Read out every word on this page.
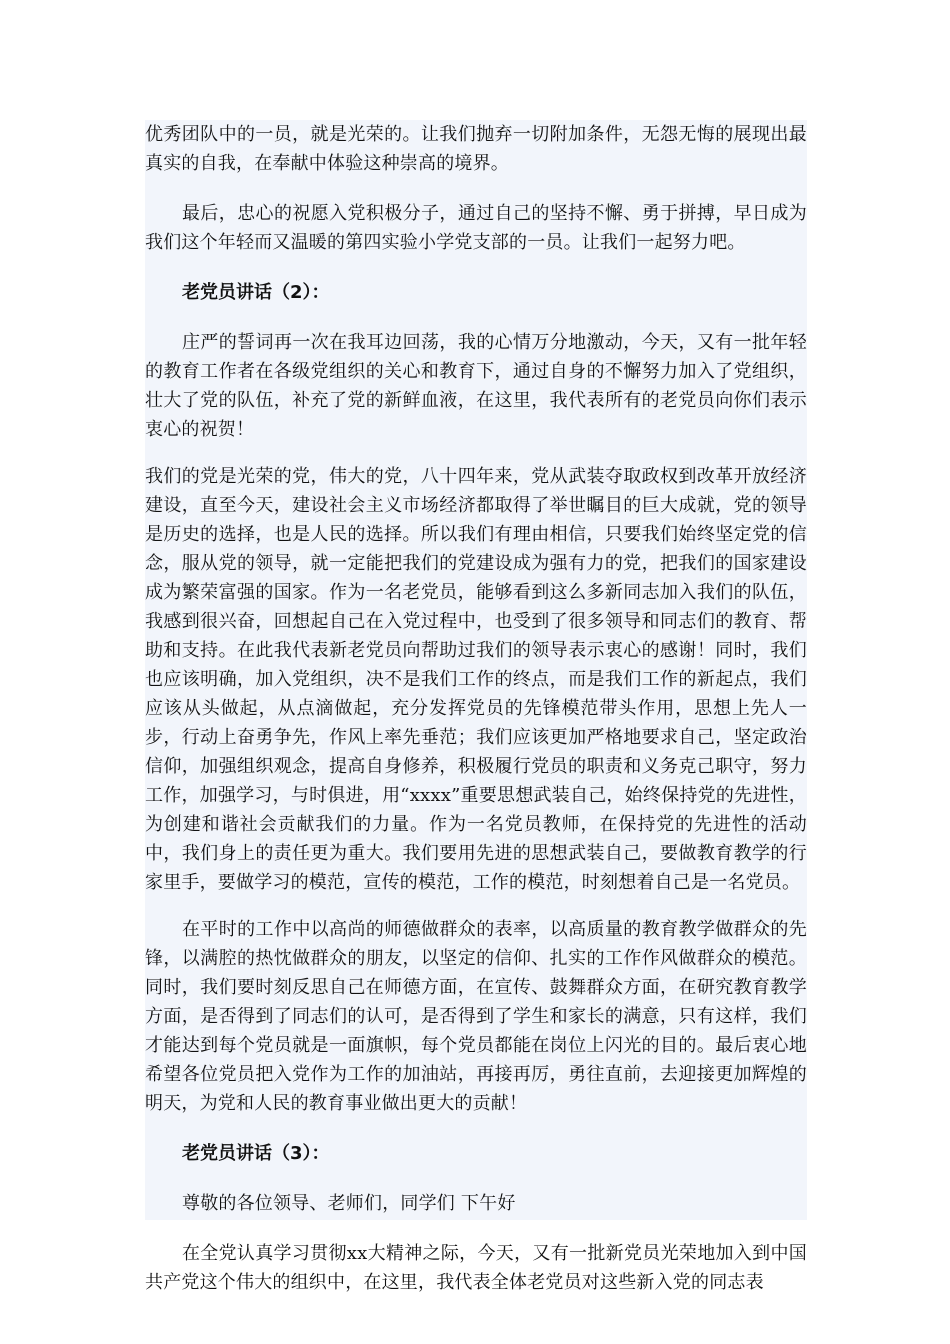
优秀团队中的一员，就是光荣的。让我们抛弃一切附加条件，无怨无悔的展现出最真实的自我，在奉献中体验这种崇高的境界。

最后，忠心的祝愿入党积极分子，通过自己的坚持不懈、勇于拼搏，早日成为我们这个年轻而又温暖的第四实验小学党支部的一员。让我们一起努力吧。

老党员讲话（2）：

庄严的誓词再一次在我耳边回荡，我的心情万分地激动，今天，又有一批年轻的教育工作者在各级党组织的关心和教育下，通过自身的不懈努力加入了党组织，壮大了党的队伍，补充了党的新鲜血液，在这里，我代表所有的老党员向你们表示衷心的祝贺！

我们的党是光荣的党，伟大的党，八十四年来，党从武装夺取政权到改革开放经济建设，直至今天，建设社会主义市场经济都取得了举世瞩目的巨大成就，党的领导是历史的选择，也是人民的选择。所以我们有理由相信，只要我们始终坚定党的信念，服从党的领导，就一定能把我们的党建设成为强有力的党，把我们的国家建设成为繁荣富强的国家。作为一名老党员，能够看到这么多新同志加入我们的队伍，我感到很兴奋，回想起自己在入党过程中，也受到了很多领导和同志们的教育、帮助和支持。在此我代表新老党员向帮助过我们的领导表示衷心的感谢！同时，我们也应该明确，加入党组织，决不是我们工作的终点，而是我们工作的新起点，我们应该从头做起，从点滴做起，充分发挥党员的先锋模范带头作用，思想上先人一步，行动上奋勇争先，作风上率先垂范；我们应该更加严格地要求自己，坚定政治信仰，加强组织观念，提高自身修养，积极履行党员的职责和义务克己职守，努力工作，加强学习，与时俱进，用“xxxx”重要思想武装自己，始终保持党的先进性，为创建和谐社会贡献我们的力量。作为一名党员教师，在保持党的先进性的活动中，我们身上的责任更为重大。我们要用先进的思想武装自己，要做教育教学的行家里手，要做学习的模范，宣传的模范，工作的模范，时刻想着自己是一名党员。

在平时的工作中以高尚的师德做群众的表率，以高质量的教育教学做群众的先锋，以满腔的热忱做群众的朋友，以坚定的信仰、扎实的工作作风做群众的模范。同时，我们要时刻反思自己在师德方面，在宣传、鼓舞群众方面，在研究教育教学方面，是否得到了同志们的认可，是否得到了学生和家长的满意，只有这样，我们才能达到每个党员就是一面旗帜，每个党员都能在岗位上闪光的目的。最后衷心地希望各位党员把入党作为工作的加油站，再接再厉，勇往直前，去迎接更加辉煌的明天，为党和人民的教育事业做出更大的贡献！

老党员讲话（3）：

尊敬的各位领导、老师们，同学们 下午好

在全党认真学习贯彻xx大精神之际，今天，又有一批新党员光荣地加入到中国共产党这个伟大的组织中，在这里，我代表全体老党员对这些新入党的同志表
